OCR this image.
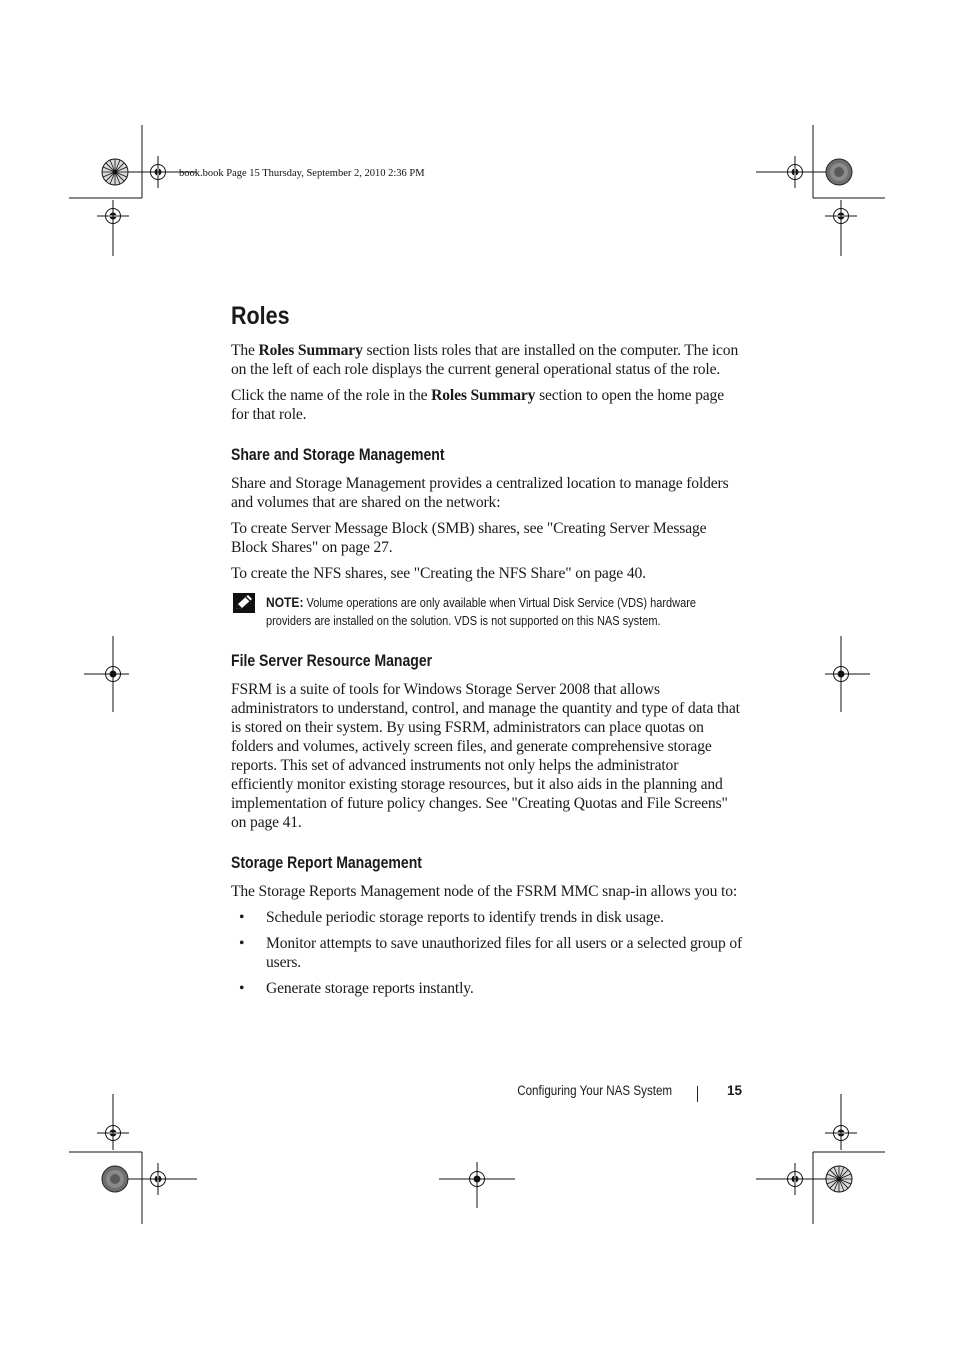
book.book Page 15 Thursday, September 2, 2010 2:36 PM
Roles

The Roles Summary section lists roles that are installed on the computer. The icon on the left of each role displays the current general operational status of the role.

Click the name of the role in the Roles Summary section to open the home page for that role.

Share and Storage Management

Share and Storage Management provides a centralized location to manage folders and volumes that are shared on the network:

To create Server Message Block (SMB) shares, see "Creating Server Message Block Shares" on page 27.

To create the NFS shares, see "Creating the NFS Share" on page 40.

NOTE: Volume operations are only available when Virtual Disk Service (VDS) hardware providers are installed on the solution. VDS is not supported on this NAS system.
File Server Resource Manager

FSRM is a suite of tools for Windows Storage Server 2008 that allows administrators to understand, control, and manage the quantity and type of data that is stored on their system. By using FSRM, administrators can place quotas on folders and volumes, actively screen files, and generate comprehensive storage reports. This set of advanced instruments not only helps the administrator efficiently monitor existing storage resources, but it also aids in the planning and implementation of future policy changes. See "Creating Quotas and File Screens" on page 41.

Storage Report Management

The Storage Reports Management node of the FSRM MMC snap-in allows you to:

• Schedule periodic storage reports to identify trends in disk usage.
• Monitor attempts to save unauthorized files for all users or a selected group of users.
• Generate storage reports instantly.
Configuring Your NAS System	15
